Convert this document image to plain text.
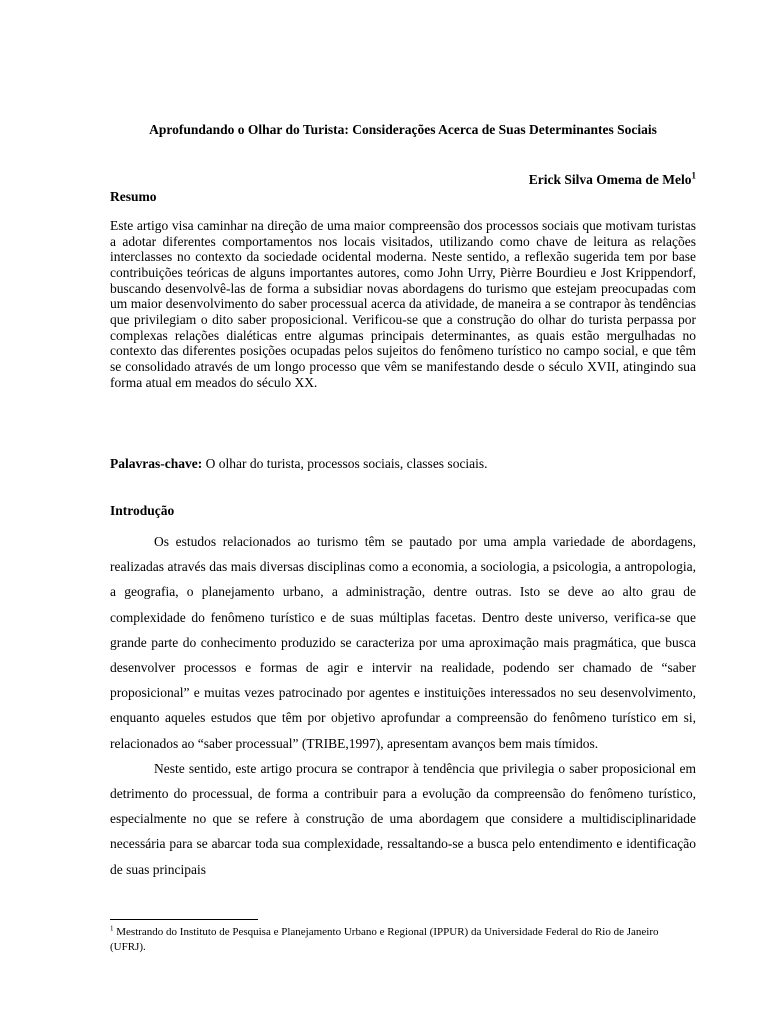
Aprofundando o Olhar do Turista: Considerações Acerca de Suas Determinantes Sociais
Erick Silva Omema de Melo$^1$
Resumo

Este artigo visa caminhar na direção de uma maior compreensão dos processos sociais que motivam turistas a adotar diferentes comportamentos nos locais visitados, utilizando como chave de leitura as relações interclasses no contexto da sociedade ocidental moderna. Neste sentido, a reflexão sugerida tem por base contribuições teóricas de alguns importantes autores, como John Urry, Pièrre Bourdieu e Jost Krippendorf, buscando desenvolvê-las de forma a subsidiar novas abordagens do turismo que estejam preocupadas com um maior desenvolvimento do saber processual acerca da atividade, de maneira a se contrapor às tendências que privilegiam o dito saber proposicional. Verificou-se que a construção do olhar do turista perpassa por complexas relações dialéticas entre algumas principais determinantes, as quais estão mergulhadas no contexto das diferentes posições ocupadas pelos sujeitos do fenômeno turístico no campo social, e que têm se consolidado através de um longo processo que vêm se manifestando desde o século XVII, atingindo sua forma atual em meados do século XX.

Palavras-chave: O olhar do turista, processos sociais, classes sociais.

Introdução

Os estudos relacionados ao turismo têm se pautado por uma ampla variedade de abordagens, realizadas através das mais diversas disciplinas como a economia, a sociologia, a psicologia, a antropologia, a geografia, o planejamento urbano, a administração, dentre outras. Isto se deve ao alto grau de complexidade do fenômeno turístico e de suas múltiplas facetas. Dentro deste universo, verifica-se que grande parte do conhecimento produzido se caracteriza por uma aproximação mais pragmática, que busca desenvolver processos e formas de agir e intervir na realidade, podendo ser chamado de “saber proposicional” e muitas vezes patrocinado por agentes e instituições interessados no seu desenvolvimento, enquanto aqueles estudos que têm por objetivo aprofundar a compreensão do fenômeno turístico em si, relacionados ao “saber processual” (TRIBE,1997), apresentam avanços bem mais tímidos.

Neste sentido, este artigo procura se contrapor à tendência que privilegia o saber proposicional em detrimento do processual, de forma a contribuir para a evolução da compreensão do fenômeno turístico, especialmente no que se refere à construção de uma abordagem que considere a multidisciplinaridade necessária para se abarcar toda sua complexidade, ressaltando-se a busca pelo entendimento e identificação de suas principais

$^1$ Mestrando do Instituto de Pesquisa e Planejamento Urbano e Regional (IPPUR) da Universidade Federal do Rio de Janeiro (UFRJ).
